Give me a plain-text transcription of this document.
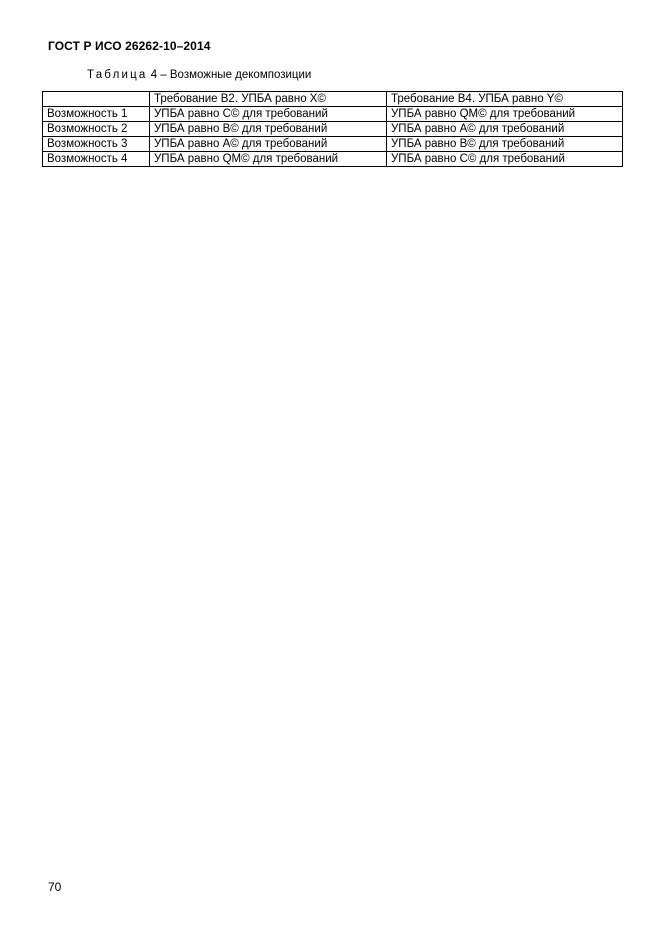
ГОСТ Р ИСО 26262-10–2014
Таблица 4 – Возможные декомпозиции
	Требование В2. УПБА равно Х©	Требование В4. УПБА равно Y©
Возможность 1	УПБА равно С© для требований	УПБА равно QM© для требований
Возможность 2	УПБА равно В© для требований	УПБА равно А© для требований
Возможность 3	УПБА равно А© для требований	УПБА равно В© для требований
Возможность 4	УПБА равно QM© для требований	УПБА равно С© для требований
70
